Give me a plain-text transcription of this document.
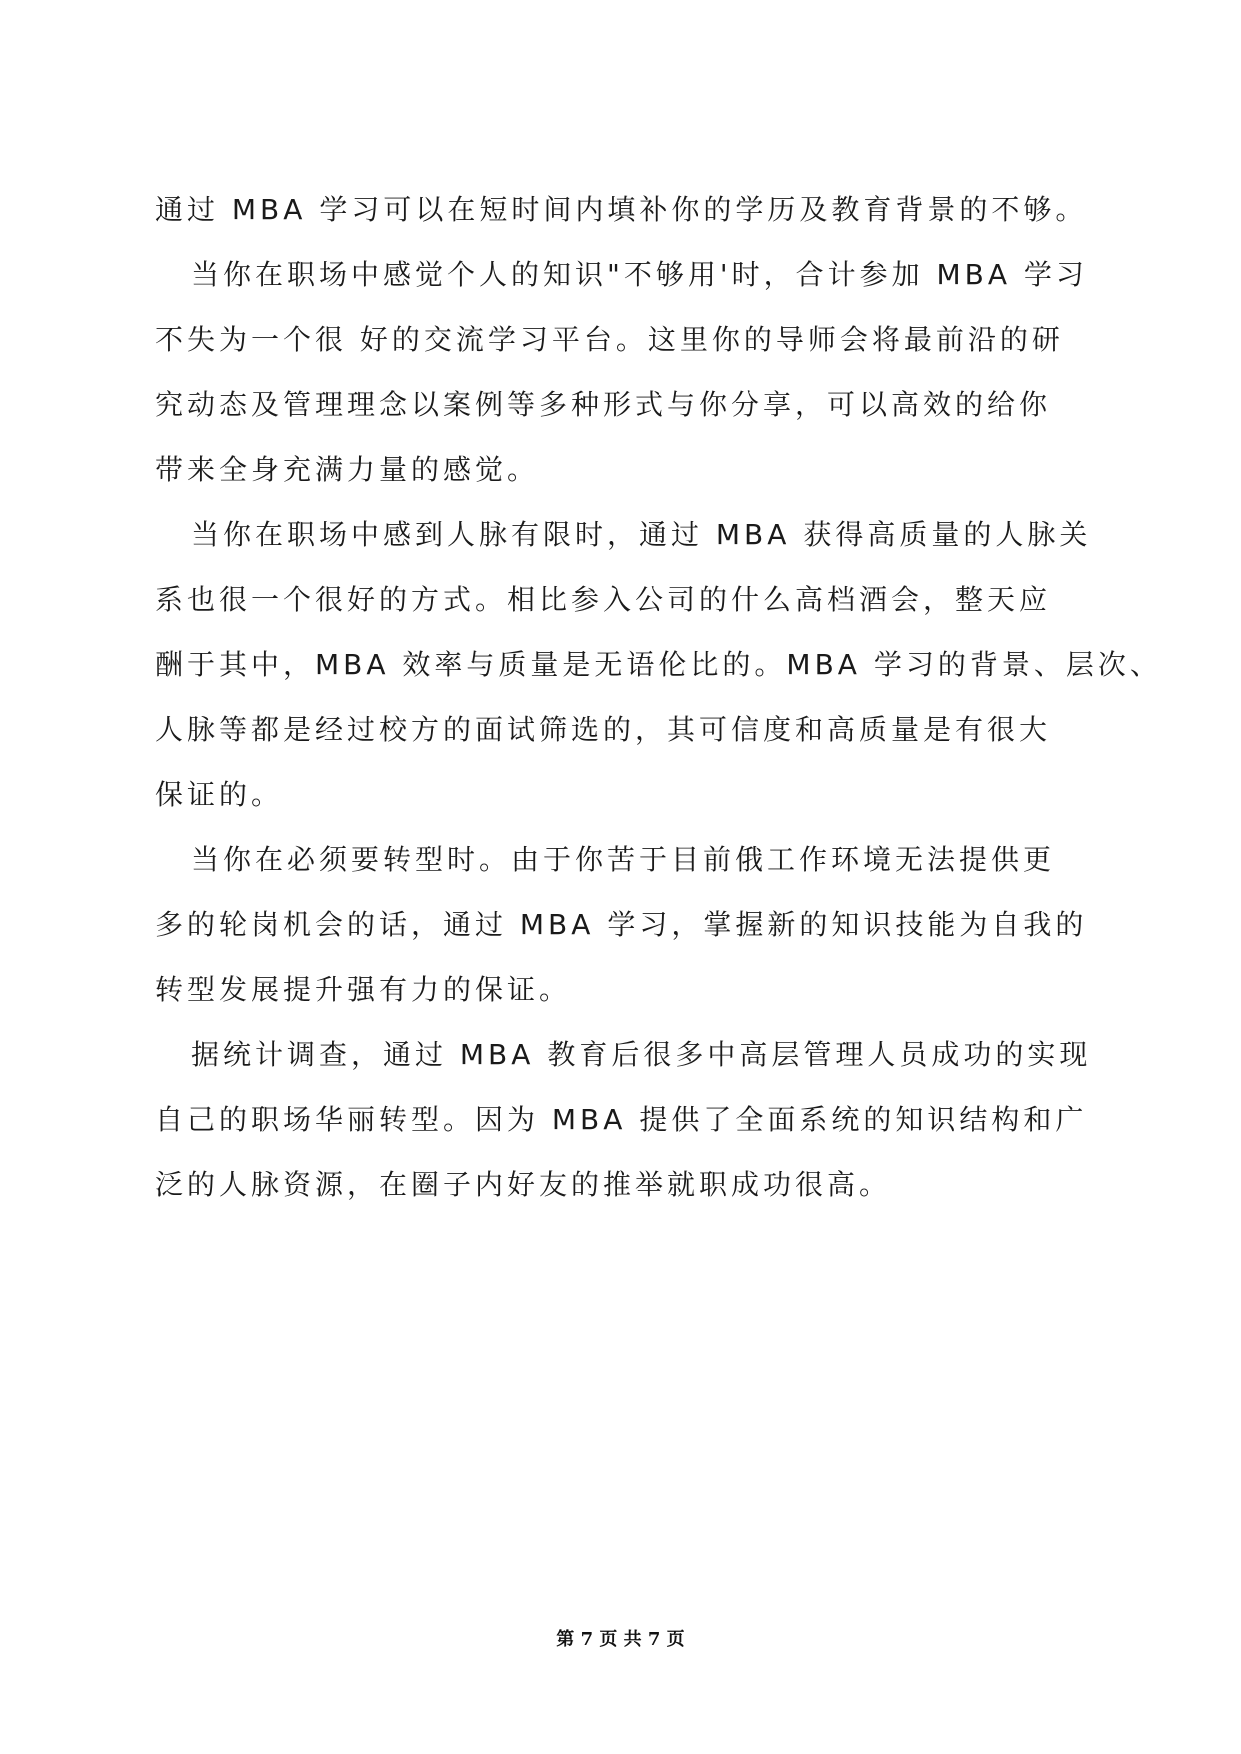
通过 MBA 学习可以在短时间内填补你的学历及教育背景的不够。
当你在职场中感觉个人的知识"不够用'时，合计参加 MBA 学习
不失为一个很 好的交流学习平台。这里你的导师会将最前沿的研
究动态及管理理念以案例等多种形式与你分享，可以高效的给你
带来全身充满力量的感觉。
当你在职场中感到人脉有限时，通过 MBA 获得高质量的人脉关
系也很一个很好的方式。相比参入公司的什么高档酒会，整天应
酬于其中，MBA 效率与质量是无语伦比的。MBA 学习的背景、层次、
人脉等都是经过校方的面试筛选的，其可信度和高质量是有很大
保证的。
当你在必须要转型时。由于你苦于目前俄工作环境无法提供更
多的轮岗机会的话，通过 MBA 学习，掌握新的知识技能为自我的
转型发展提升强有力的保证。
据统计调查，通过 MBA 教育后很多中高层管理人员成功的实现
自己的职场华丽转型。因为 MBA 提供了全面系统的知识结构和广
泛的人脉资源，在圈子内好友的推举就职成功很高。
第 7 页 共 7 页
